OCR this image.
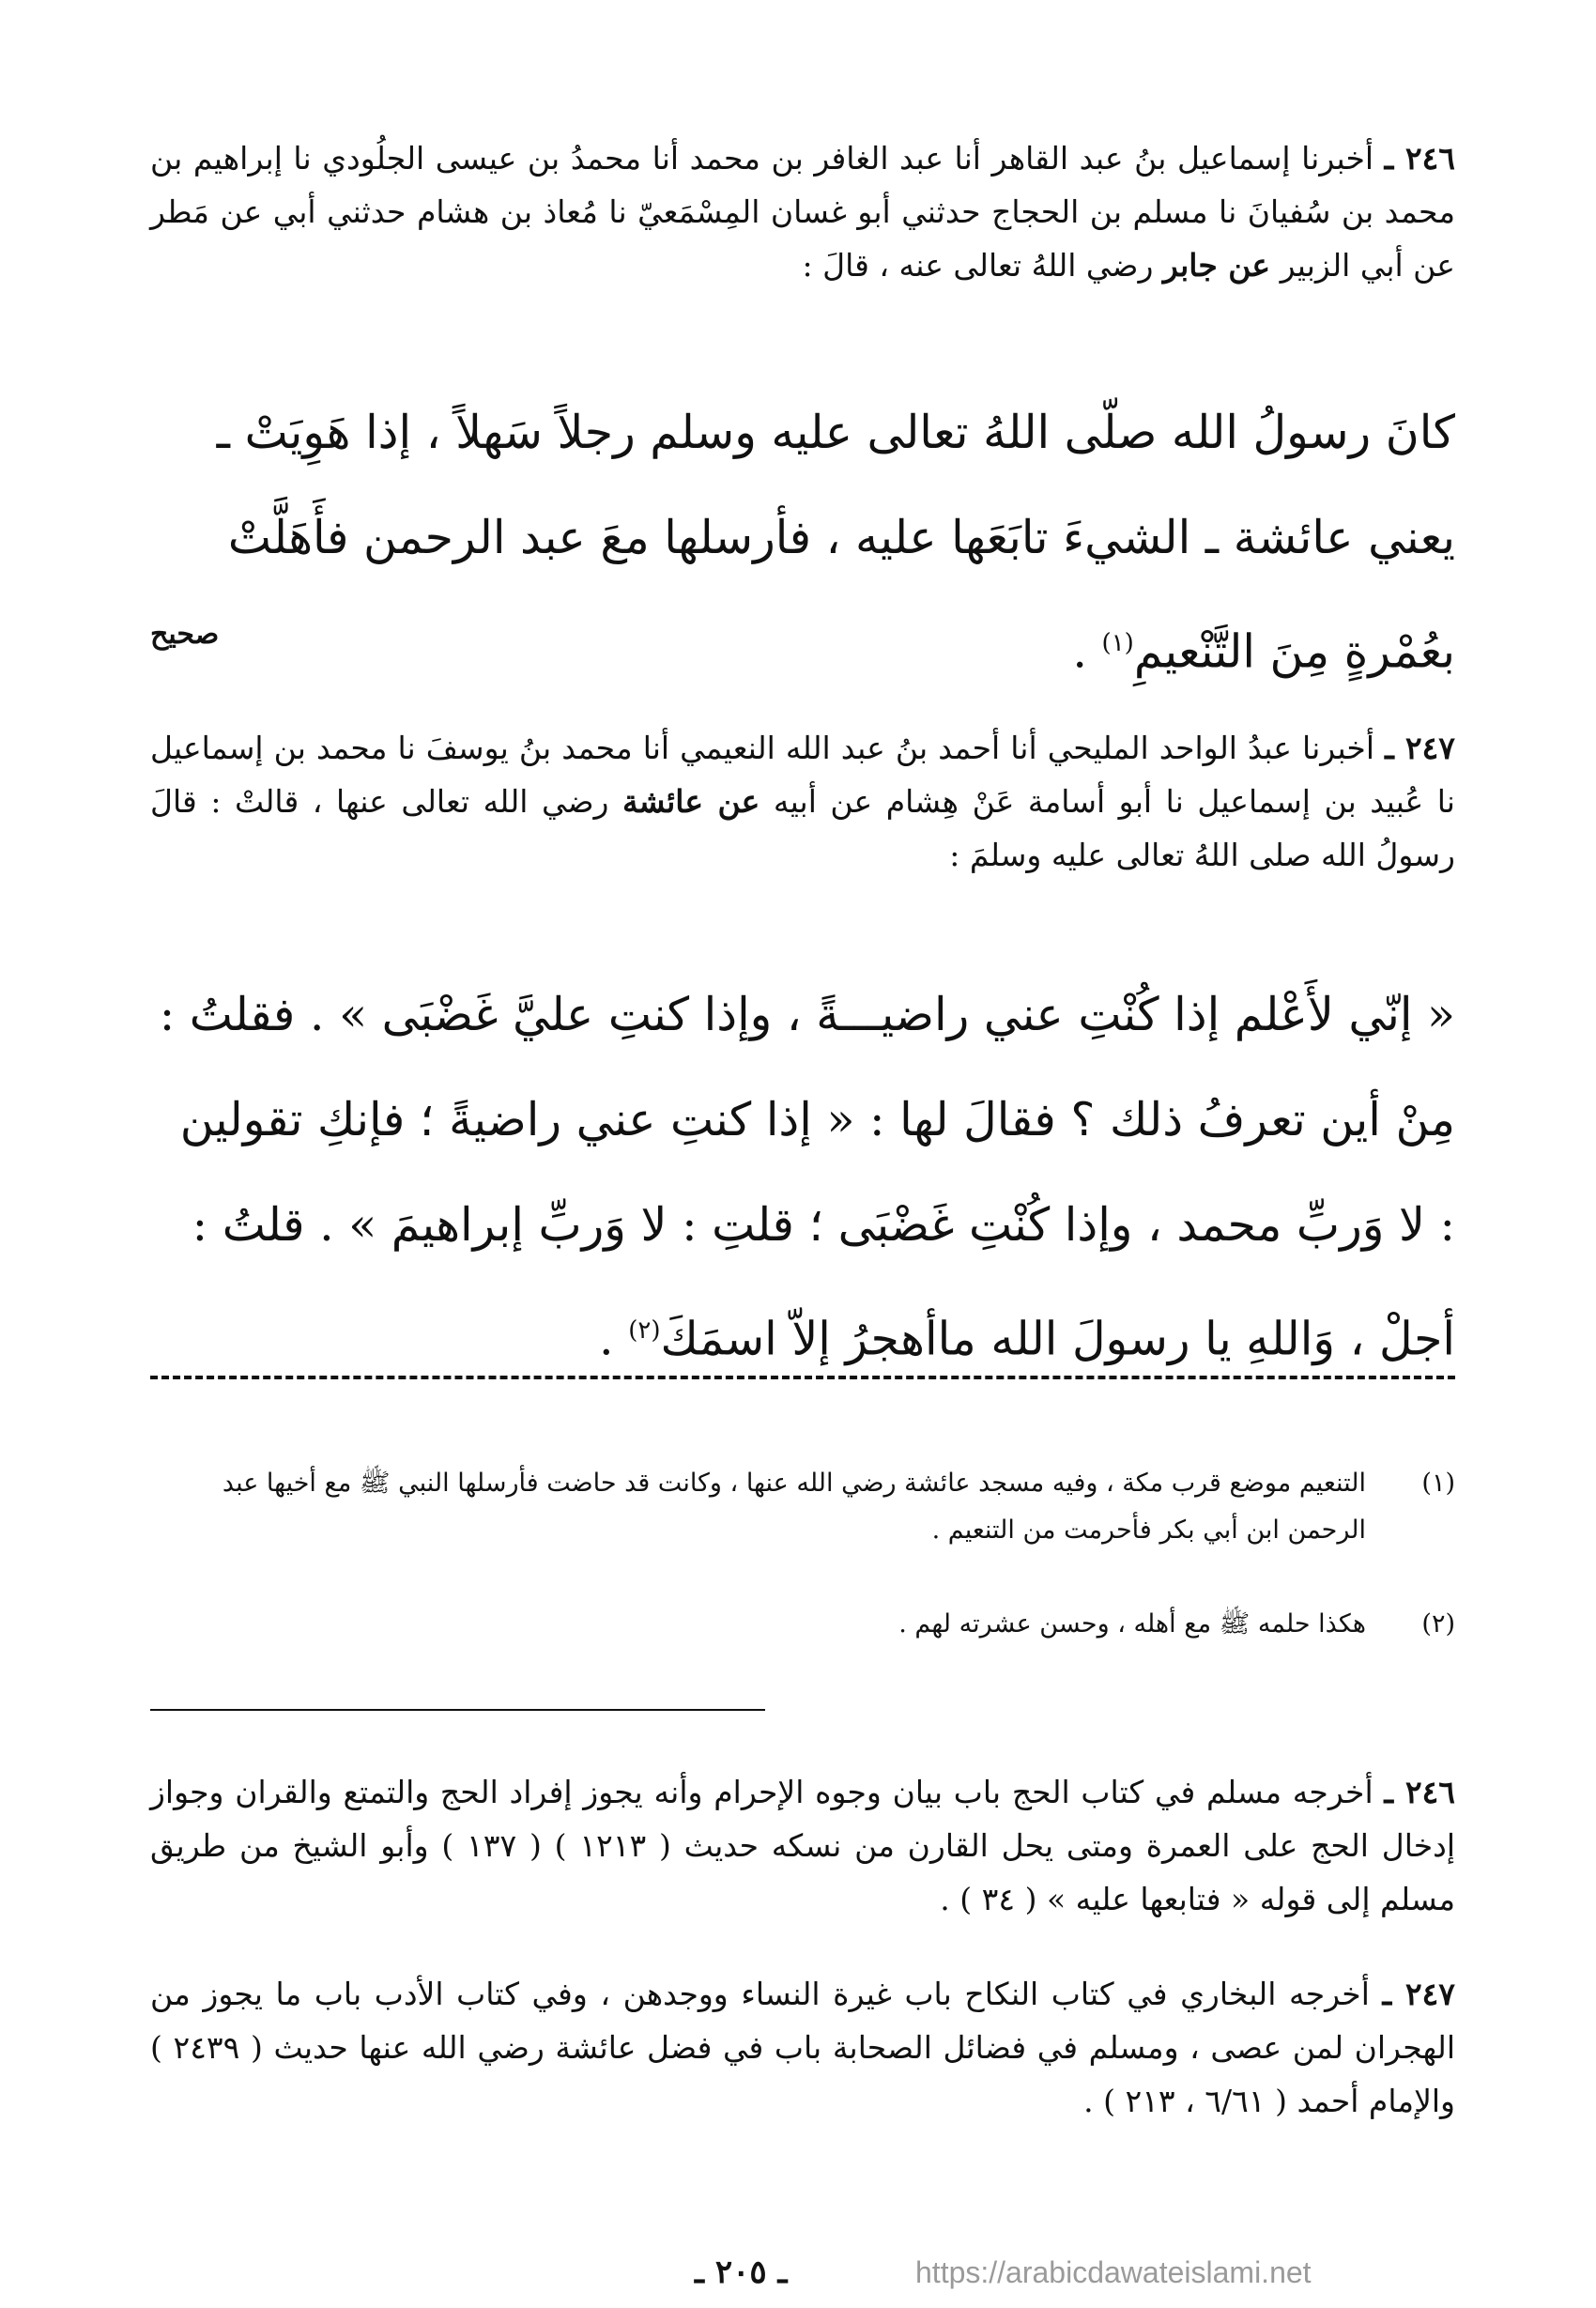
٢٤٦ ـ أخبرنا إسماعيل بنُ عبد القاهر أنا عبد الغافر بن محمد أنا محمدُ بن عيسى الجلُودي نا إبراهيم بن محمد بن سُفيانَ نا مسلم بن الحجاج حدثني أبو غسان المِسْمَعيّ نا مُعاذ بن هشام حدثني أبي عن مَطر عن أبي الزبير عن جابر رضي اللهُ تعالى عنه ، قالَ :

كانَ رسولُ الله صلّى اللهُ تعالى عليه وسلم رجلاً سَهلاً ، إذا هَوِيَتْ ـ يعني عائشة ـ الشيءَ تابَعَها عليه ، فأرسلها معَ عبد الرحمن فأَهَلَّتْ بعُمْرةٍ مِنَ التَّنْعيمِ$^{(١)}$ .

صحيح

٢٤٧ ـ أخبرنا عبدُ الواحد المليحي أنا أحمد بنُ عبد الله النعيمي أنا محمد بنُ يوسفَ نا محمد بن إسماعيل نا عُبيد بن إسماعيل نا أبو أسامة عَنْ هِشام عن أبيه عن عائشة رضي الله تعالى عنها ، قالتْ : قالَ رسولُ الله صلى اللهُ تعالى عليه وسلمَ :

« إنّي لأَعْلم إذا كُنْتِ عني راضيـــةً ، وإذا كنتِ عليَّ غَضْبَى » . فقلتُ : مِنْ أين تعرفُ ذلك ؟ فقالَ لها : « إذا كنتِ عني راضيةً ؛ فإنكِ تقولين : لا وَربِّ محمد ، وإذا كُنْتِ غَضْبَى ؛ قلتِ : لا وَربِّ إبراهيمَ » . قلتُ : أجلْ ، وَاللهِ يا رسولَ الله ماأهجرُ إلاّ اسمَكَ$^{(٢)}$ .

(١)
التنعيم موضع قرب مكة ، وفيه مسجد عائشة رضي الله عنها ، وكانت قد حاضت فأرسلها النبي ﷺ مع أخيها عبد الرحمن ابن أبي بكر فأحرمت من التنعيم .
(٢)
هكذا حلمه ﷺ مع أهله ، وحسن عشرته لهم .

٢٤٦ ـ أخرجه مسلم في كتاب الحج باب بيان وجوه الإحرام وأنه يجوز إفراد الحج والتمتع والقران وجواز إدخال الحج على العمرة ومتى يحل القارن من نسكه حديث ( ١٢١٣ ) ( ١٣٧ ) وأبو الشيخ من طريق مسلم إلى قوله « فتابعها عليه » ( ٣٤ ) .

٢٤٧ ـ أخرجه البخاري في كتاب النكاح باب غيرة النساء ووجدهن ، وفي كتاب الأدب باب ما يجوز من الهجران لمن عصى ، ومسلم في فضائل الصحابة باب في فضل عائشة رضي الله عنها حديث ( ٢٤٣٩ ) والإمام أحمد ( ٦/٦١ ، ٢١٣ ) .

ـ ٢٠٥ ـ	https://arabicdawateislami.net
